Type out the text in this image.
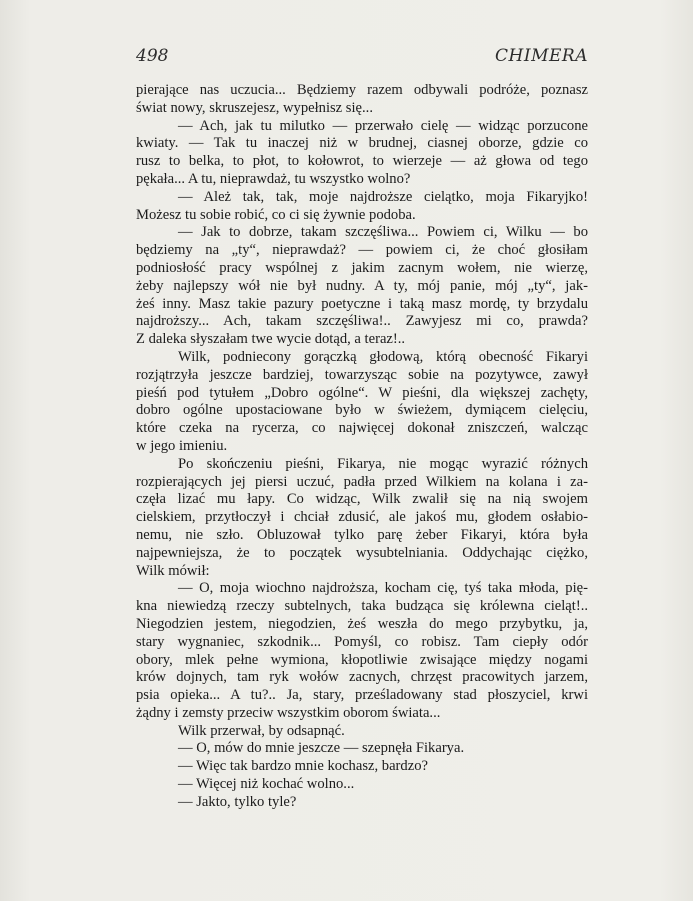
498	CHIMERA
pierające nas uczucia... Będziemy razem odbywali podróże, poznasz
świat nowy, skruszejesz, wypełnisz się...
— Ach, jak tu milutko — przerwało cielę — widząc porzucone
kwiaty. — Tak tu inaczej niż w brudnej, ciasnej oborze, gdzie co
rusz to belka, to płot, to kołowrot, to wierzeje — aż głowa od tego
pękała... A tu, nieprawdaż, tu wszystko wolno?
— Ależ tak, tak, moje najdroższe cielątko, moja Fikaryjko!
Możesz tu sobie robić, co ci się żywnie podoba.
— Jak to dobrze, takam szczęśliwa... Powiem ci, Wilku — bo
będziemy na „ty“, nieprawdaż? — powiem ci, że choć głosiłam
podniosłość pracy wspólnej z jakim zacnym wołem, nie wierzę,
żeby najlepszy wół nie był nudny. A ty, mój panie, mój „ty“, jak-
żeś inny. Masz takie pazury poetyczne i taką masz mordę, ty brzydalu
najdroższy... Ach, takam szczęśliwa!.. Zawyjesz mi co, prawda?
Z daleka słyszałam twe wycie dotąd, a teraz!..
Wilk, podniecony gorączką głodową, którą obecność Fikaryi
rozjątrzyła jeszcze bardziej, towarzysząc sobie na pozytywce, zawył
pieśń pod tytułem „Dobro ogólne“. W pieśni, dla większej zachęty,
dobro ogólne upostaciowane było w świeżem, dymiącem cielęciu,
które czeka na rycerza, co najwięcej dokonał zniszczeń, walcząc
w jego imieniu.
Po skończeniu pieśni, Fikarya, nie mogąc wyrazić różnych
rozpierających jej piersi uczuć, padła przed Wilkiem na kolana i za-
częła lizać mu łapy. Co widząc, Wilk zwalił się na nią swojem
cielskiem, przytłoczył i chciał zdusić, ale jakoś mu, głodem osłabio-
nemu, nie szło. Obluzował tylko parę żeber Fikaryi, która była
najpewniejsza, że to początek wysubtelniania. Oddychając ciężko,
Wilk mówił:
— O, moja wiochno najdroższa, kocham cię, tyś taka młoda, pię-
kna niewiedzą rzeczy subtelnych, taka budząca się królewna cieląt!..
Niegodzien jestem, niegodzien, żeś weszła do mego przybytku, ja,
stary wygnaniec, szkodnik... Pomyśl, co robisz. Tam ciepły odór
obory, mlek pełne wymiona, kłopotliwie zwisające między nogami
krów dojnych, tam ryk wołów zacnych, chrzęst pracowitych jarzem,
psia opieka... A tu?.. Ja, stary, prześladowany stad płoszyciel, krwi
żądny i zemsty przeciw wszystkim oborom świata...
Wilk przerwał, by odsapnąć.
— O, mów do mnie jeszcze — szepnęła Fikarya.
— Więc tak bardzo mnie kochasz, bardzo?
— Więcej niż kochać wolno...
— Jakto, tylko tyle?
